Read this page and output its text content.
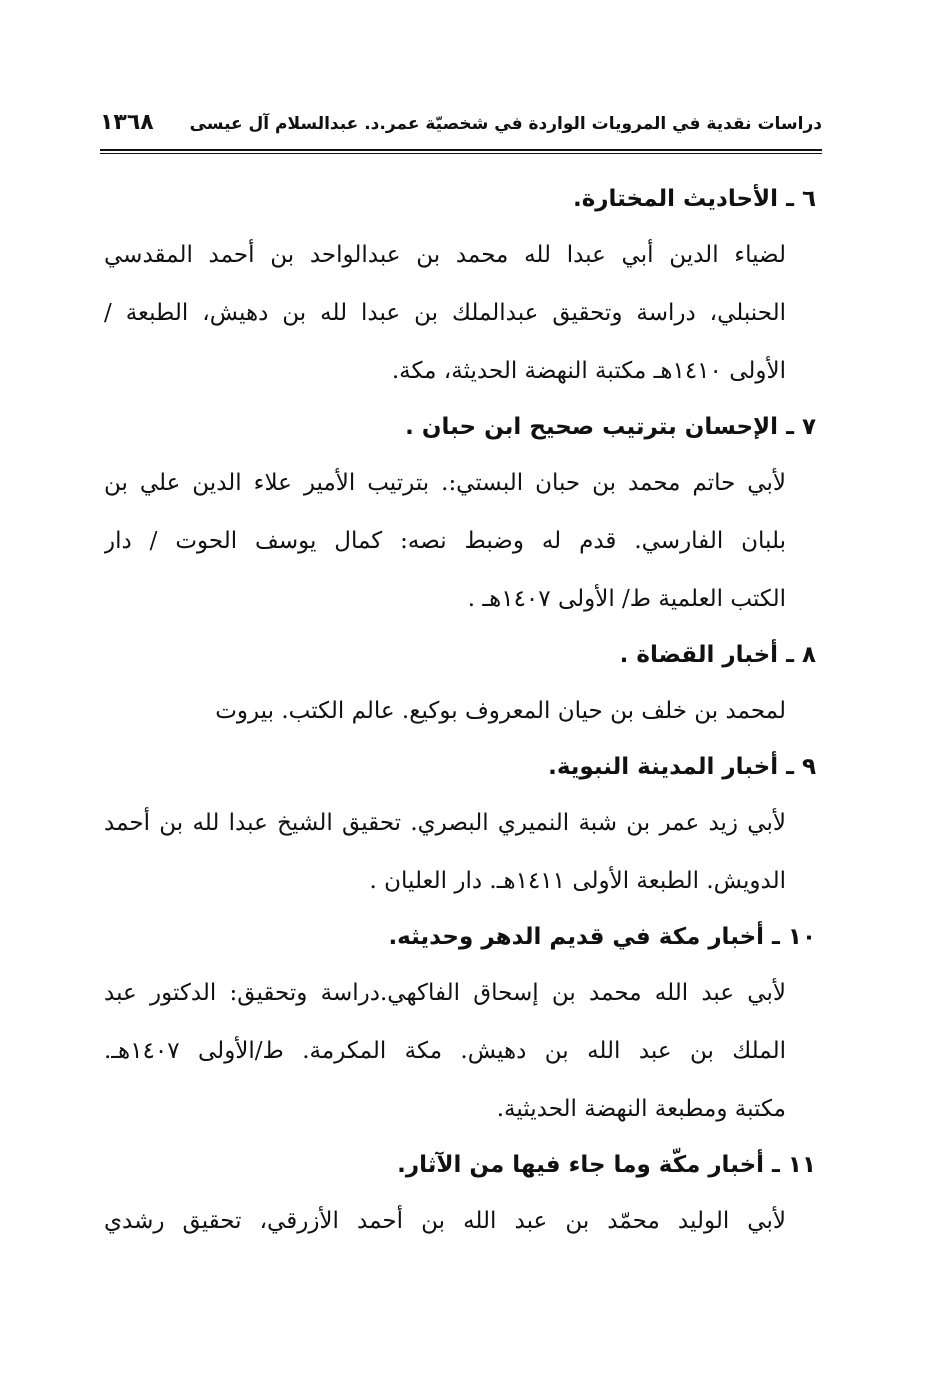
دراسات نقدية في المرويات الواردة في شخصيّة عمر.د. عبدالسلام آل عيسى
١٣٦٨
٦ ـ الأحاديث المختارة.
لضياء الدين أبي عبدا لله محمد بن عبدالواحد بن أحمد المقدسي
الحنبلي، دراسة وتحقيق عبدالملك بن عبدا لله بن دهيش، الطبعة /
الأولى ١٤١٠هـ مكتبة النهضة الحديثة، مكة.
٧ ـ الإحسان بترتيب صحيح ابن حبان .
لأبي حاتم محمد بن حبان البستي:. بترتيب الأمير علاء الدين علي بن
بلبان الفارسي. قدم له وضبط نصه: كمال يوسف الحوت / دار
الكتب العلمية ط/ الأولى ١٤٠٧هـ .
٨ ـ أخبار القضاة .
لمحمد بن خلف بن حيان المعروف بوكيع. عالم الكتب. بيروت
٩ ـ أخبار المدينة النبوية.
لأبي زيد عمر بن شبة النميري البصري. تحقيق الشيخ عبدا لله بن أحمد
الدويش. الطبعة الأولى ١٤١١هـ. دار العليان .
١٠ ـ أخبار مكة في قديم الدهر وحديثه.
لأبي عبد الله محمد بن إسحاق الفاكهي.دراسة وتحقيق: الدكتور عبد
الملك بن عبد الله بن دهيش. مكة المكرمة. ط/الأولى ١٤٠٧هـ.
مكتبة ومطبعة النهضة الحديثية.
١١ ـ أخبار مكّة وما جاء فيها من الآثار.
لأبي الوليد محمّد بن عبد الله بن أحمد الأزرقي، تحقيق رشدي
